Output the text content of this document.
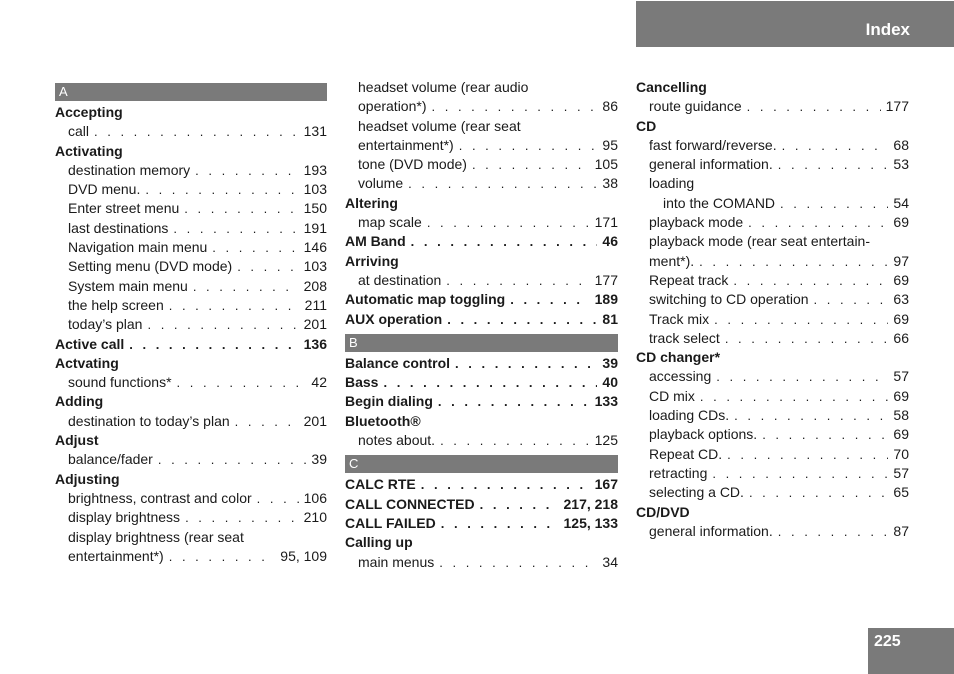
Index
A
Accepting
call . . .	131
Activating
destination memory . . .	193
DVD menu. . . .	103
Enter street menu . . .	150
last destinations . . .	191
Navigation main menu . . .	146
Setting menu (DVD mode) . . .	103
System main menu . . .	208
the help screen . . .	211
today’s plan . . .	201
Active call . . .	136
Actvating
sound functions* . . .	42
Adding
destination to today’s plan . . .	201
Adjust
balance/fader . . .	39
Adjusting
brightness, contrast and color . . .	106
display brightness . . .	210
display brightness (rear seat
entertainment*) . . .	95, 109
headset volume (rear audio
operation*) . . .	86
headset volume (rear seat
entertainment*) . . .	95
tone (DVD mode) . . .	105
volume . . .	38
Altering
map scale . . .	171
AM Band . . .	46
Arriving
at destination . . .	177
Automatic map toggling . . .	189
AUX operation . . .	81
B
Balance control . . .	39
Bass . . .	40
Begin dialing . . .	133
Bluetooth®
notes about. . . .	125
C
CALC RTE . . .	167
CALL CONNECTED . . .	217, 218
CALL FAILED . . .	125, 133
Calling up
main menus . . .	34
Cancelling
route guidance . . .	177
CD
fast forward/reverse. . . .	68
general information. . . .	53
loading
into the COMAND . . .	54
playback mode . . .	69
playback mode (rear seat entertain-
ment*). . . .	97
Repeat track . . .	69
switching to CD operation . . .	63
Track mix . . .	69
track select . . .	66
CD changer*
accessing . . .	57
CD mix . . .	69
loading CDs. . . .	58
playback options. . . .	69
Repeat CD. . . .	70
retracting . . .	57
selecting a CD. . . .	65
CD/DVD
general information. . . .	87
225
